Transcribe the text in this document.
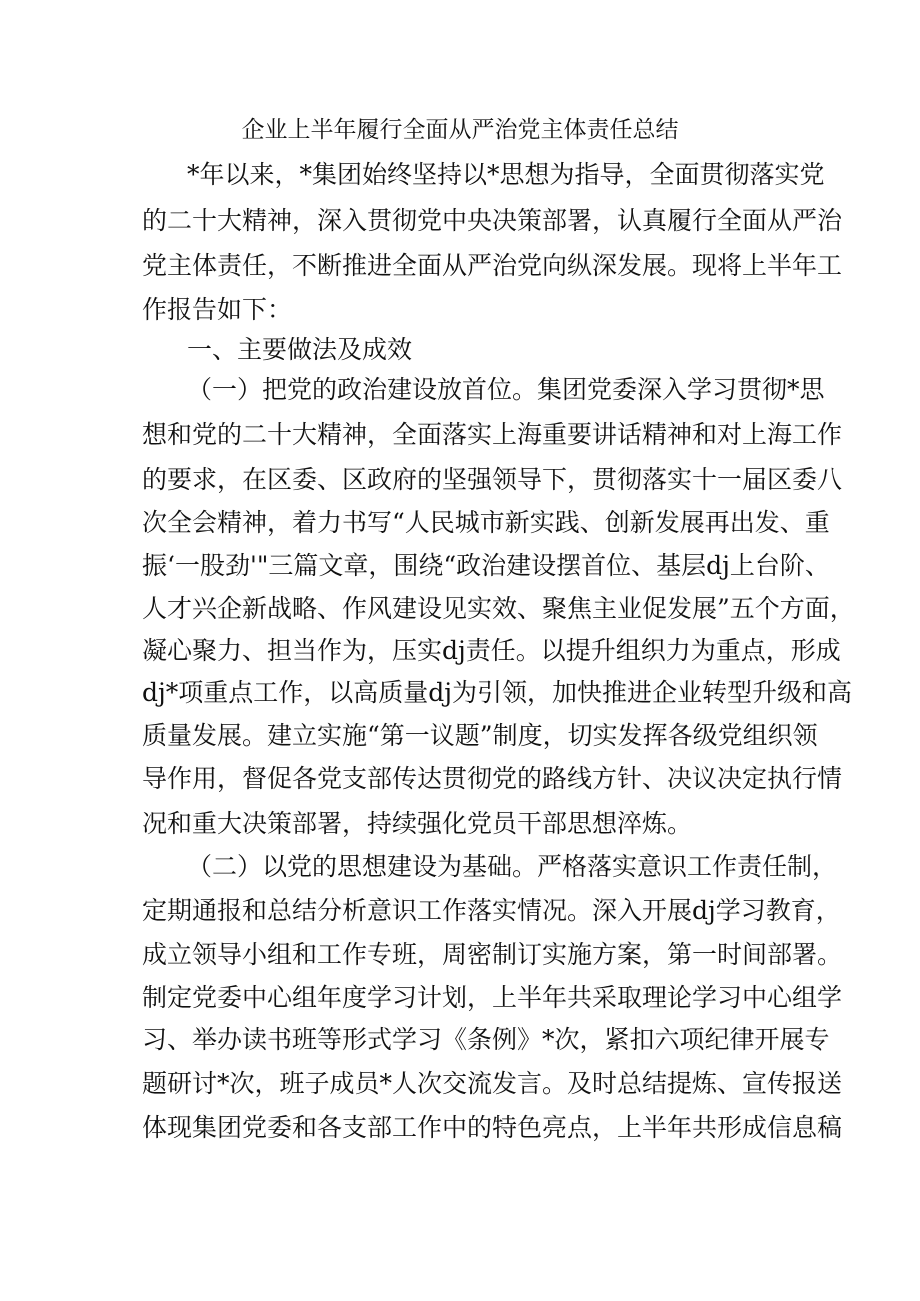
企业上半年履行全面从严治党主体责任总结
*年以来，*集团始终坚持以*思想为指导，全面贯彻落实党
的二十大精神，深入贯彻党中央决策部署，认真履行全面从严治
党主体责任，不断推进全面从严治党向纵深发展。现将上半年工
作报告如下：
一、主要做法及成效
（一）把党的政治建设放首位。集团党委深入学习贯彻*思
想和党的二十大精神，全面落实上海重要讲话精神和对上海工作
的要求，在区委、区政府的坚强领导下，贯彻落实十一届区委八
次全会精神，着力书写“人民城市新实践、创新发展再出发、重
振‘一股劲'"三篇文章，围绕“政治建设摆首位、基层dj上台阶、
人才兴企新战略、作风建设见实效、聚焦主业促发展”五个方面，
凝心聚力、担当作为，压实dj责任。以提升组织力为重点，形成
dj*项重点工作，以高质量dj为引领，加快推进企业转型升级和高
质量发展。建立实施“第一议题”制度，切实发挥各级党组织领
导作用，督促各党支部传达贯彻党的路线方针、决议决定执行情
况和重大决策部署，持续强化党员干部思想淬炼。
（二）以党的思想建设为基础。严格落实意识工作责任制，
定期通报和总结分析意识工作落实情况。深入开展dj学习教育，
成立领导小组和工作专班，周密制订实施方案，第一时间部署。
制定党委中心组年度学习计划，上半年共采取理论学习中心组学
习、举办读书班等形式学习《条例》*次，紧扣六项纪律开展专
题研讨*次，班子成员*人次交流发言。及时总结提炼、宣传报送
体现集团党委和各支部工作中的特色亮点，上半年共形成信息稿
